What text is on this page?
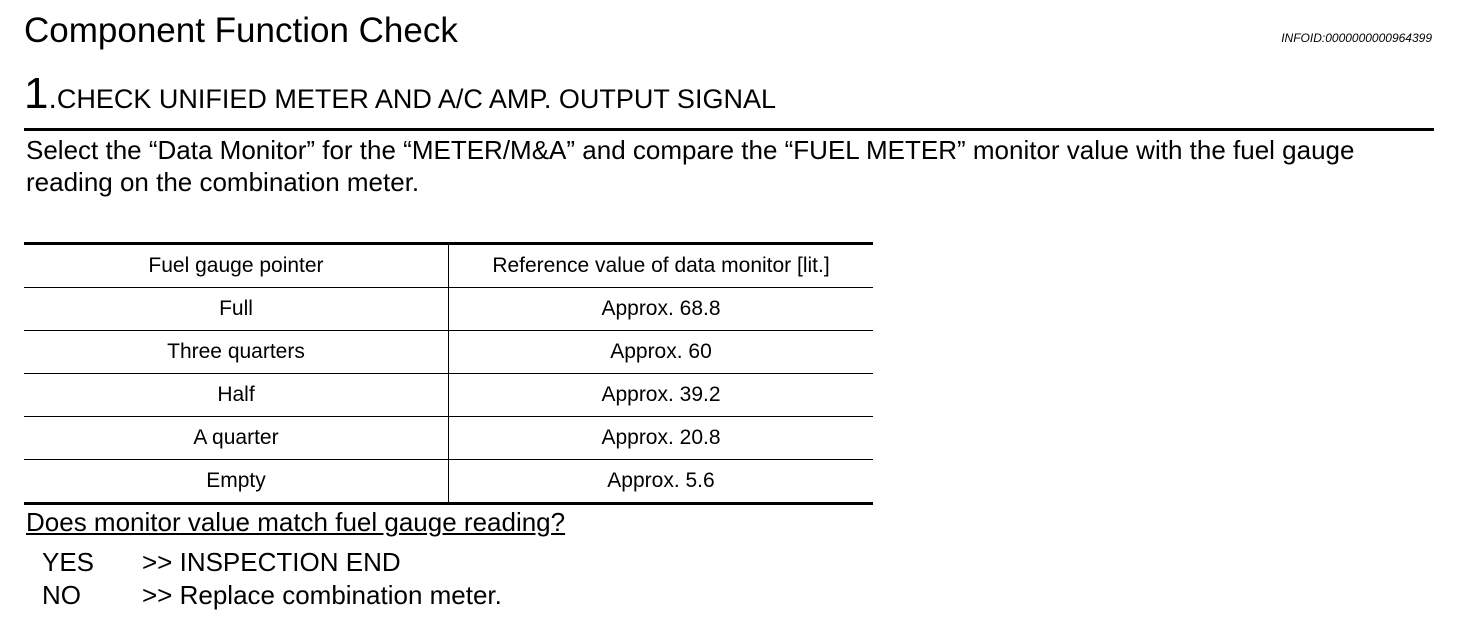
Component Function Check	INFOID:0000000000964399
1.CHECK UNIFIED METER AND A/C AMP. OUTPUT SIGNAL
Select the “Data Monitor” for the “METER/M&A” and compare the “FUEL METER” monitor value with the fuel gauge reading on the combination meter.
Fuel gauge pointer	Reference value of data monitor [lit.]
Full	Approx. 68.8
Three quarters	Approx. 60
Half	Approx. 39.2
A quarter	Approx. 20.8
Empty	Approx. 5.6
Does monitor value match fuel gauge reading?
YES >> INSPECTION END
NO >> Replace combination meter.
